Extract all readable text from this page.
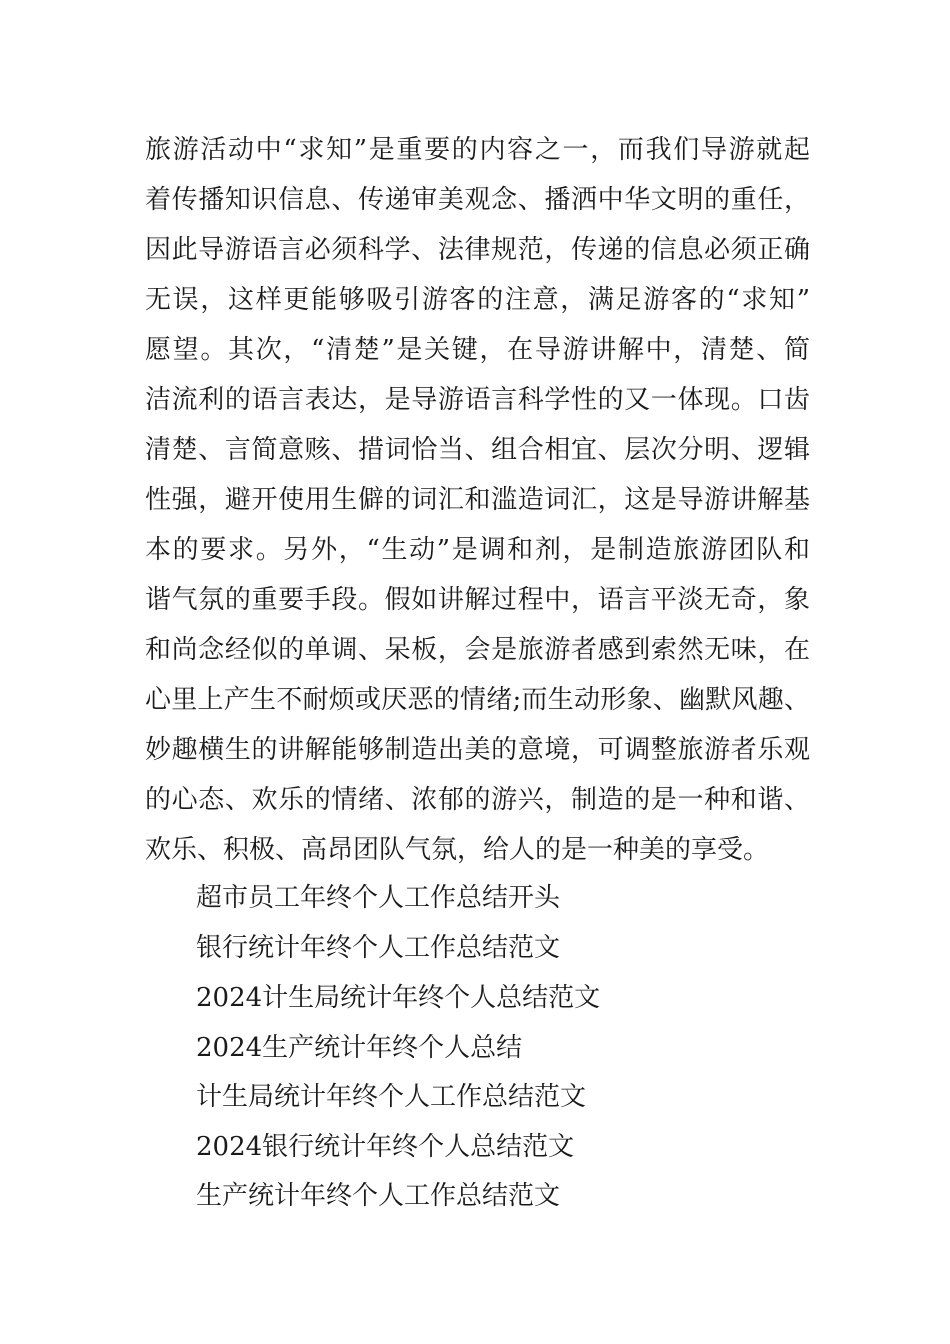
旅游活动中“求知”是重要的内容之一，而我们导游就起
着传播知识信息、传递审美观念、播洒中华文明的重任，
因此导游语言必须科学、法律规范，传递的信息必须正确
无误，这样更能够吸引游客的注意，满足游客的“求知”
愿望。其次，“清楚”是关键，在导游讲解中，清楚、简
洁流利的语言表达，是导游语言科学性的又一体现。口齿
清楚、言简意赅、措词恰当、组合相宜、层次分明、逻辑
性强，避开使用生僻的词汇和滥造词汇，这是导游讲解基
本的要求。另外，“生动”是调和剂，是制造旅游团队和
谐气氛的重要手段。假如讲解过程中，语言平淡无奇，象
和尚念经似的单调、呆板，会是旅游者感到索然无味，在
心里上产生不耐烦或厌恶的情绪;而生动形象、幽默风趣、
妙趣横生的讲解能够制造出美的意境，可调整旅游者乐观
的心态、欢乐的情绪、浓郁的游兴，制造的是一种和谐、
欢乐、积极、高昂团队气氛，给人的是一种美的享受。
超市员工年终个人工作总结开头
银行统计年终个人工作总结范文
2024计生局统计年终个人总结范文
2024生产统计年终个人总结
计生局统计年终个人工作总结范文
2024银行统计年终个人总结范文
生产统计年终个人工作总结范文
